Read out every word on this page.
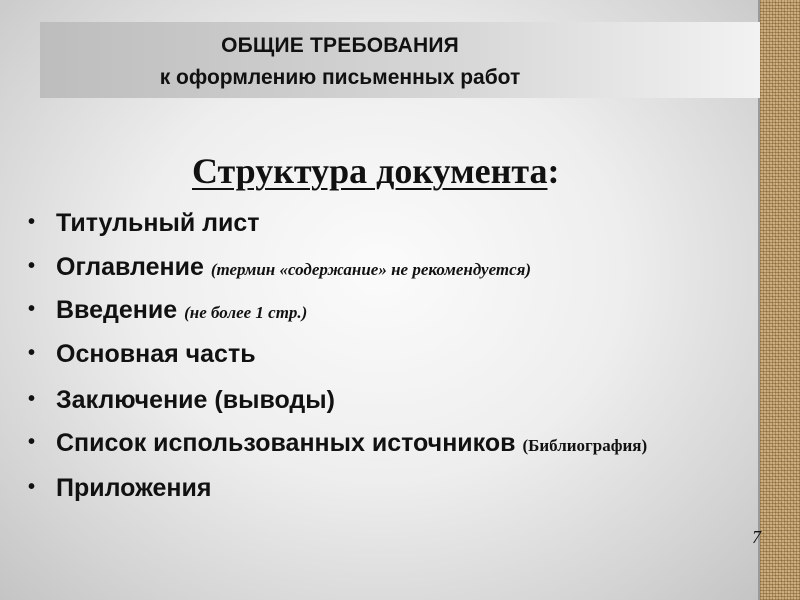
ОБЩИЕ ТРЕБОВАНИЯ
к оформлению письменных работ
Структура документа:
• Титульный лист
• Оглавление (термин «содержание» не рекомендуется)
• Введение (не более 1 стр.)
• Основная часть
• Заключение (выводы)
• Список использованных источников (Библиография)
• Приложения
7
